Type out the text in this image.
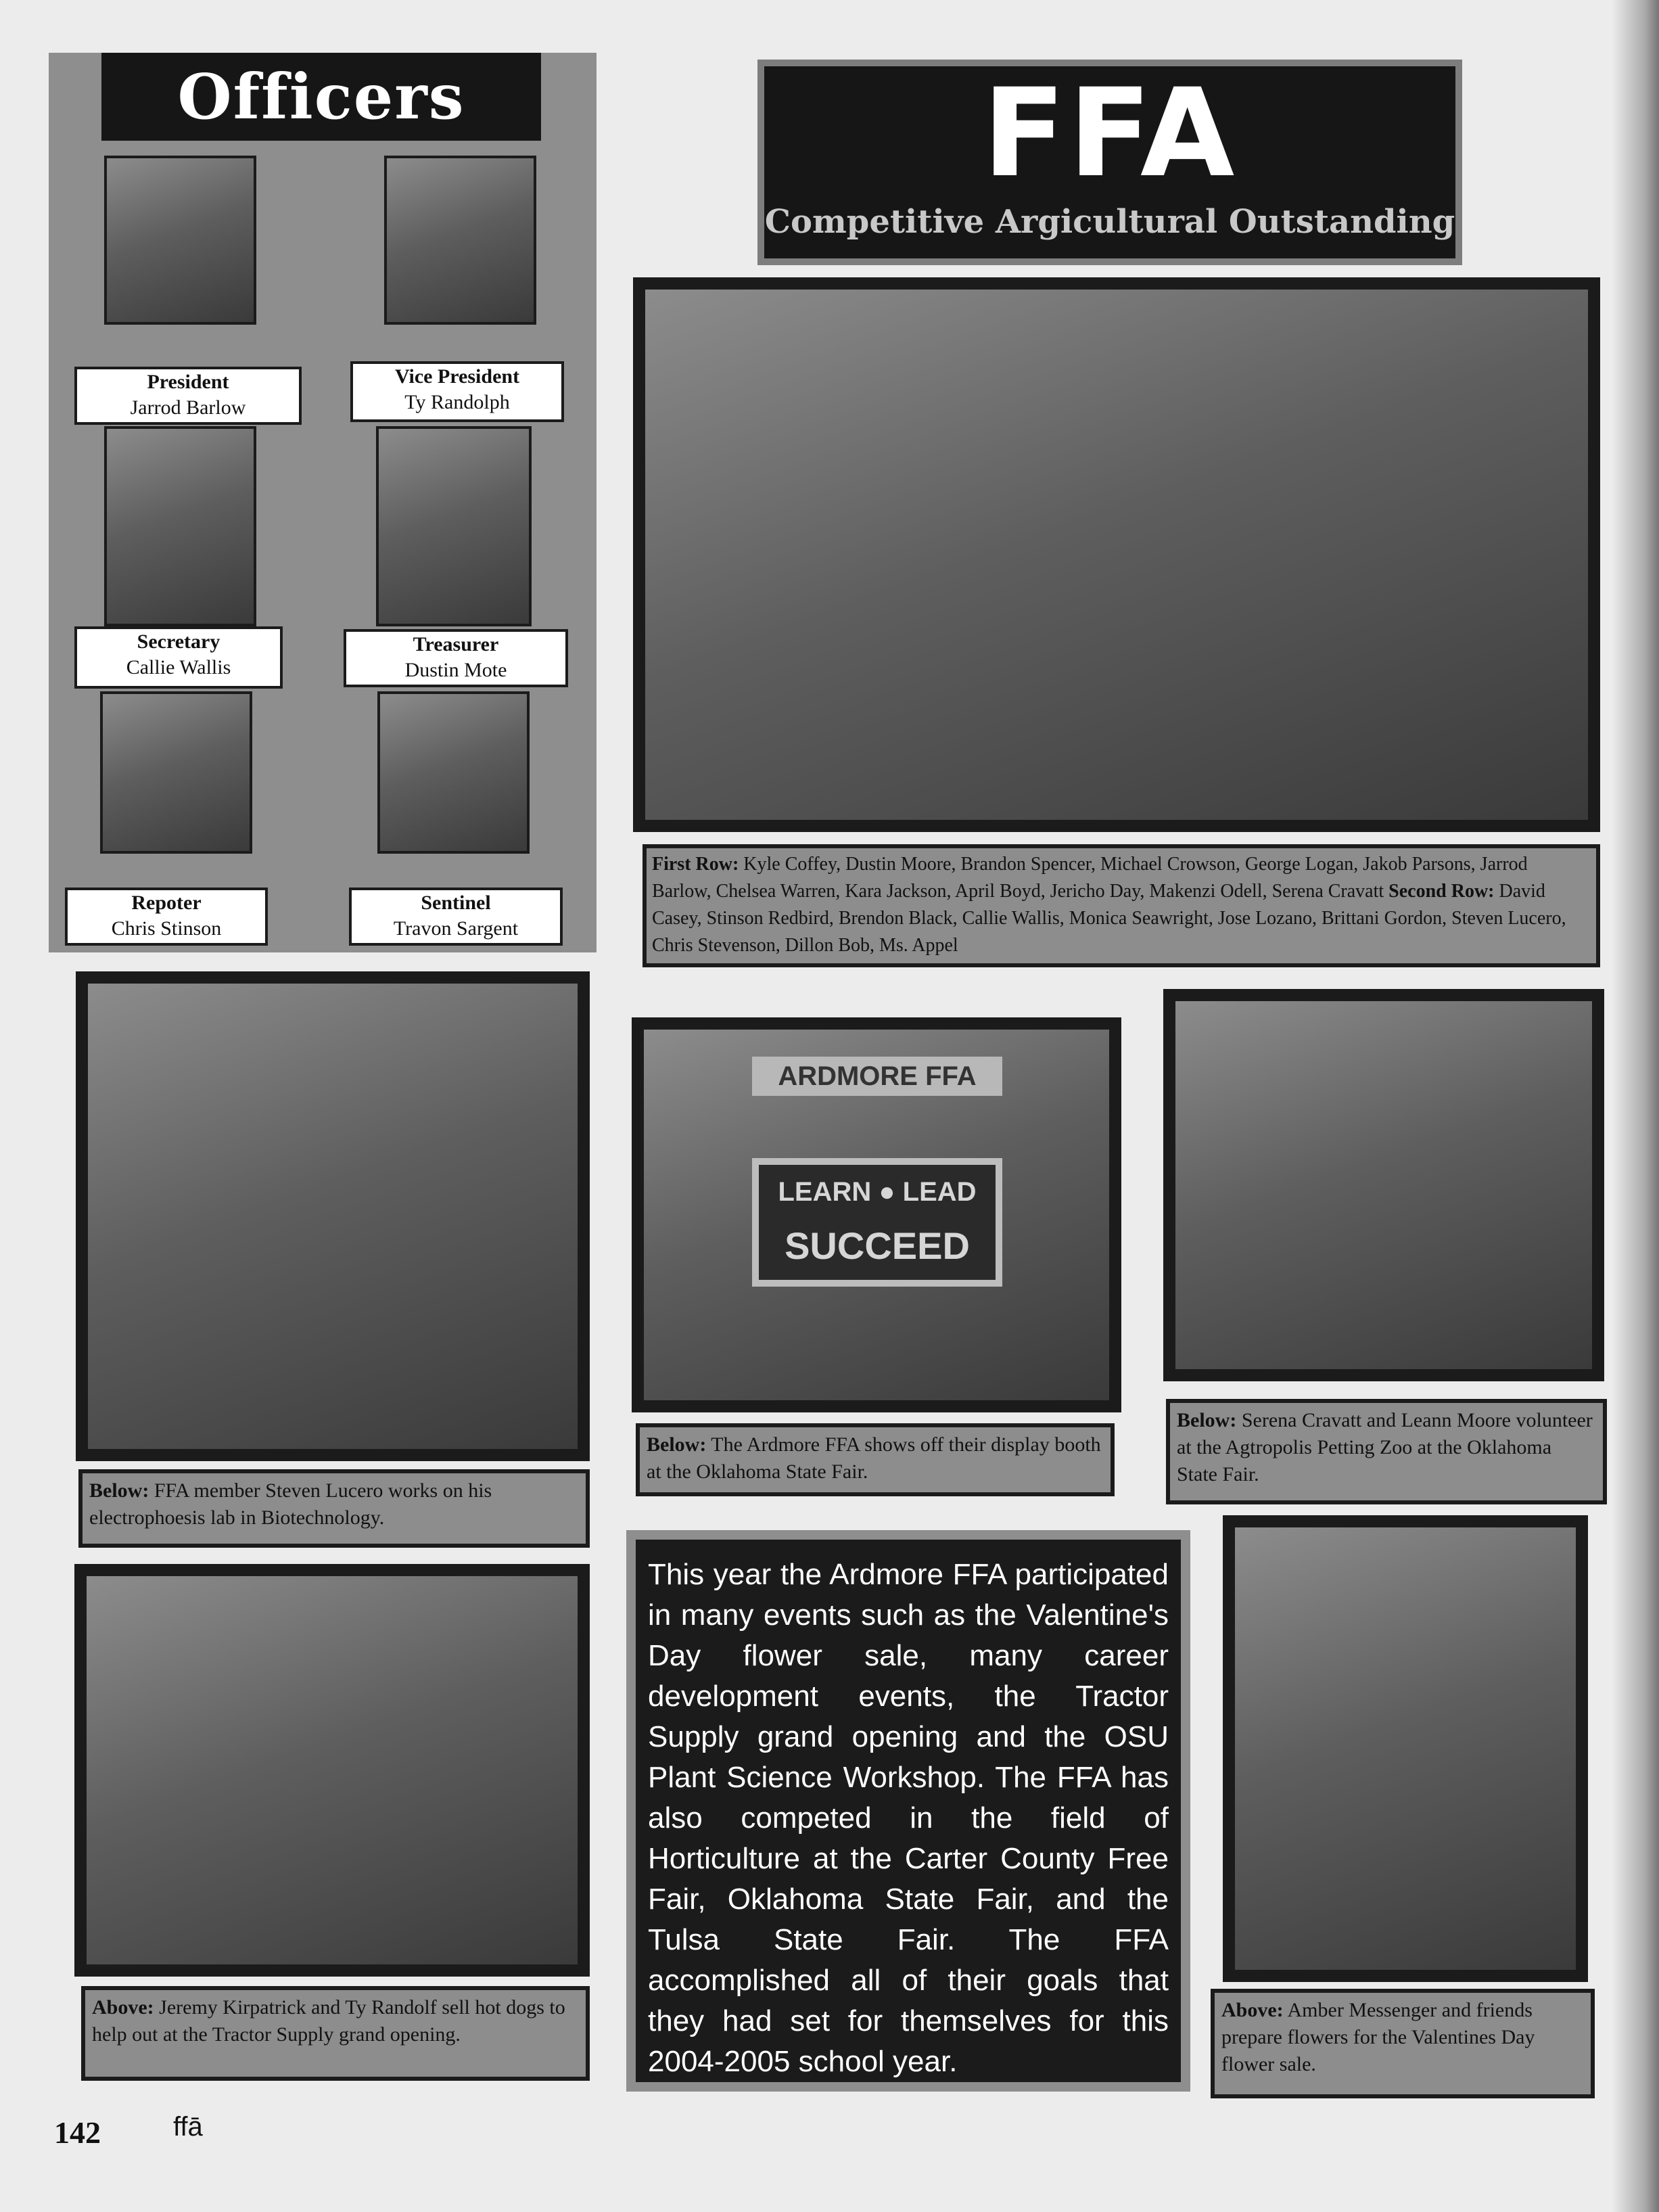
Officers
President
Jarrod Barlow
Vice President
Ty Randolph
Secretary
Callie Wallis
Treasurer
Dustin Mote
Repoter
Chris Stinson
Sentinel
Travon Sargent
FFA
Competitive Argicultural Outstanding
First Row: Kyle Coffey, Dustin Moore, Brandon Spencer, Michael Crowson, George Logan, Jakob Parsons, Jarrod Barlow, Chelsea Warren, Kara Jackson, April Boyd, Jericho Day, Makenzi Odell, Serena Cravatt Second Row: David Casey, Stinson Redbird, Brendon Black, Callie Wallis, Monica Seawright, Jose Lozano, Brittani Gordon, Steven Lucero, Chris Stevenson, Dillon Bob, Ms. Appel
Below: FFA member Steven Lucero works on his electrophoesis lab in Biotechnology.
ARDMORE FFA
LEARN ● LEAD
SUCCEED
Below: The Ardmore FFA shows off their display booth at the Oklahoma State Fair.
Below: Serena Cravatt and Leann Moore volunteer at the Agtropolis Petting Zoo at the Oklahoma State Fair.
Above: Jeremy Kirpatrick and Ty Randolf sell hot dogs to help out at the Tractor Supply grand opening.
This year the Ardmore FFA participated in many events such as the Valentine's Day flower sale, many career development events, the Tractor Supply grand opening and the OSU Plant Science Workshop. The FFA has also competed in the field of Horticulture at the Carter County Free Fair, Oklahoma State Fair, and the Tulsa State Fair. The FFA accomplished all of their goals that they had set for themselves for this 2004-2005 school year.
Above: Amber Messenger and friends prepare flowers for the Valentines Day flower sale.
142	ffā
